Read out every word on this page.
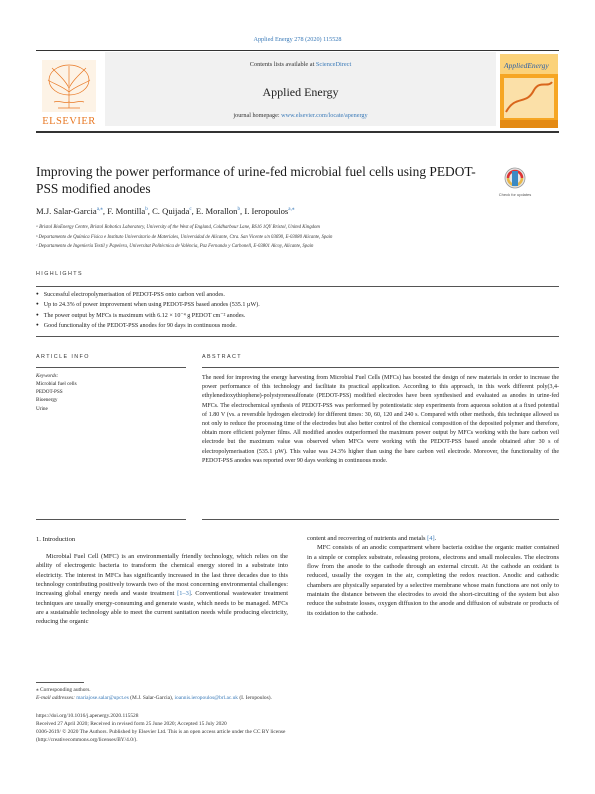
Applied Energy 278 (2020) 115528
ELSEVIER
Contents lists available at ScienceDirect
Applied Energy
journal homepage: www.elsevier.com/locate/apenergy
AppliedEnergy
Improving the power performance of urine-fed microbial fuel cells using PEDOT-PSS modified anodes	Check for updates
M.J. Salar-Garcia$^{a,⁎}$, F. Montilla$^b$, C. Quijada$^c$, E. Morallon$^b$, I. Ieropoulos$^{a,⁎}$
ᵃ Bristol BioEnergy Centre, Bristol Robotics Laboratory, University of the West of England, Coldharbour Lane, BS16 1QY Bristol, United Kingdom
ᵇ Departamento de Química Física e Instituto Universitario de Materiales, Universidad de Alicante, Ctra. San Vicente s/n 03690, E-03080 Alicante, Spain
ᶜ Departamento de Ingeniería Textil y Papelera, Universitat Politècnica de València, Paz Fernando y Carbonell, E-03801 Alcoy, Alicante, Spain
HIGHLIGHTS
● Successful electropolymerisation of PEDOT-PSS onto carbon veil anodes.
● Up to 24.3% of power improvement when using PEDOT-PSS based anodes (535.1 µW).
● The power output by MFCs is maximum with 6.12 × 10⁻⁴ g PEDOT cm⁻² anodes.
● Good functionality of the PEDOT-PSS anodes for 90 days in continuous mode.
ARTICLE INFO
Keywords:
Microbial fuel cells
PEDOT-PSS
Bioenergy
Urine
ABSTRACT

The need for improving the energy harvesting from Microbial Fuel Cells (MFCs) has boosted the design of new materials in order to increase the power performance of this technology and facilitate its practical application. According to this approach, in this work different poly(3,4-ethylenedioxythiophene)-polystyrenesulfonate (PEDOT-PSS) modified electrodes have been synthesised and evaluated as anodes in urine-fed MFCs. The electrochemical synthesis of PEDOT-PSS was performed by potentiostatic step experiments from aqueous solution at a fixed potential of 1.80 V (vs. a reversible hydrogen electrode) for different times: 30, 60, 120 and 240 s. Compared with other methods, this technique allowed us not only to reduce the processing time of the electrodes but also better control of the chemical composition of the deposited polymer and therefore, obtain more efficient polymer films. All modified anodes outperformed the maximum power output by MFCs working with the bare carbon veil electrode but the maximum value was observed when MFCs were working with the PEDOT-PSS based anode obtained after 30 s of electropolymerisation (535.1 µW). This value was 24.3% higher than using the bare carbon veil electrode. Moreover, the functionality of the PEDOT-PSS anodes was reported over 90 days working in continuous mode.

1. Introduction

Microbial Fuel Cell (MFC) is an environmentally friendly technology, which relies on the ability of electrogenic bacteria to transform the chemical energy stored in a substrate into electricity. The interest in MFCs has significantly increased in the last three decades due to this technology contributing positively towards two of the most concerning environmental challenges: increasing global energy needs and waste treatment [1–3]. Conventional wastewater treatment techniques are usually energy-consuming and generate waste, which needs to be managed. MFCs are a sustainable technology able to meet the current sanitation needs while producing electricity, reducing the organic

content and recovering of nutrients and metals [4].

MFC consists of an anodic compartment where bacteria oxidise the organic matter contained in a simple or complex substrate, releasing protons, electrons and small molecules. The electrons flow from the anode to the cathode through an external circuit. At the cathode an oxidant is reduced, usually the oxygen in the air, completing the redox reaction. Anodic and cathodic chambers are physically separated by a selective membrane whose main functions are not only to maintain the distance between the electrodes to avoid the short-circuiting of the system but also reduce the substrate losses, oxygen diffusion to the anode and diffusion of substrate or products of its oxidation to the cathode.

⁎ Corresponding authors.
E-mail addresses: mariajose.salar@upct.es (M.J. Salar-Garcia), ioannis.ieropoulos@brl.ac.uk (I. Ieropoulos).
https://doi.org/10.1016/j.apenergy.2020.115528
Received 27 April 2020; Received in revised form 25 June 2020; Accepted 15 July 2020
0306-2619/ © 2020 The Authors. Published by Elsevier Ltd. This is an open access article under the CC BY license
(http://creativecommons.org/licenses/BY/4.0/).
